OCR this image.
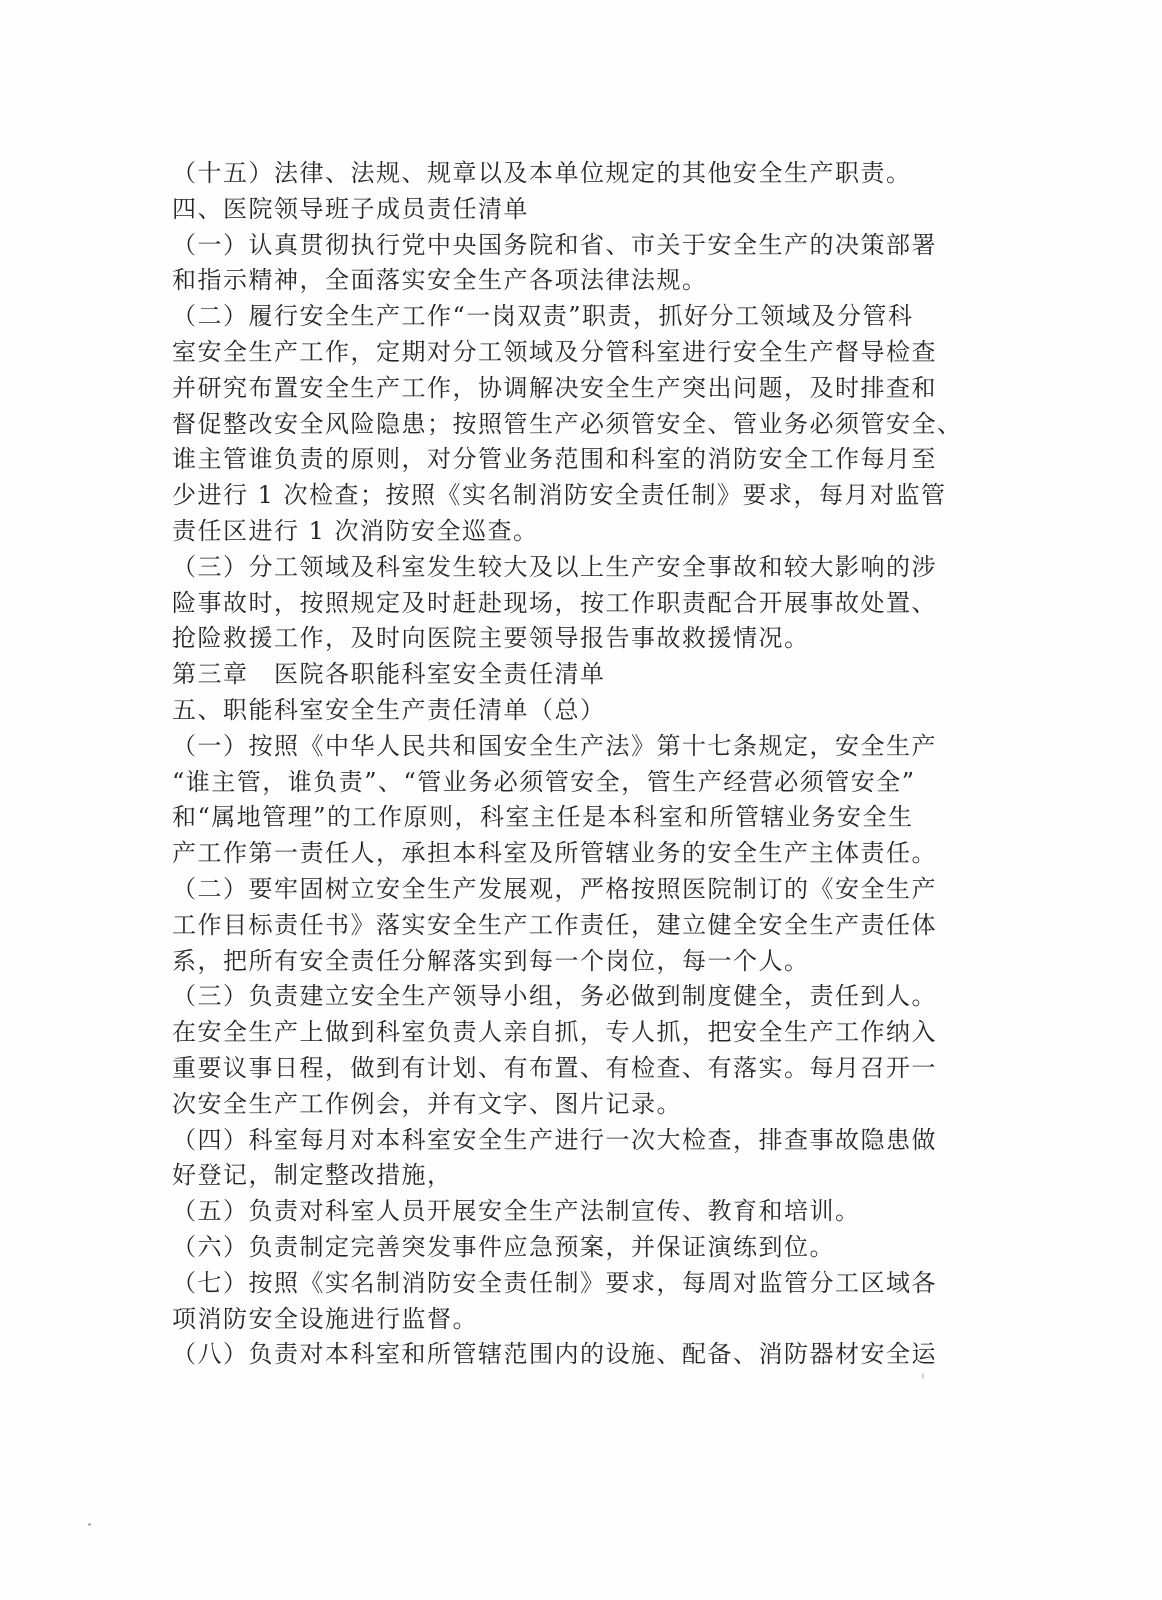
（十五）法律、法规、规章以及本单位规定的其他安全生产职责。

四、医院领导班子成员责任清单

（一）认真贯彻执行党中央国务院和省、市关于安全生产的决策部署

和指示精神，全面落实安全生产各项法律法规。

（二）履行安全生产工作“一岗双责”职责，抓好分工领域及分管科

室安全生产工作，定期对分工领域及分管科室进行安全生产督导检查

并研究布置安全生产工作，协调解决安全生产突出问题，及时排查和

督促整改安全风险隐患；按照管生产必须管安全、管业务必须管安全、

谁主管谁负责的原则，对分管业务范围和科室的消防安全工作每月至

少进行 1 次检查；按照《实名制消防安全责任制》要求，每月对监管

责任区进行 1 次消防安全巡查。

（三）分工领域及科室发生较大及以上生产安全事故和较大影响的涉

险事故时，按照规定及时赶赴现场，按工作职责配合开展事故处置、

抢险救援工作，及时向医院主要领导报告事故救援情况。

第三章　医院各职能科室安全责任清单

五、职能科室安全生产责任清单（总）

（一）按照《中华人民共和国安全生产法》第十七条规定，安全生产

“谁主管，谁负责”、“管业务必须管安全，管生产经营必须管安全”

和“属地管理”的工作原则，科室主任是本科室和所管辖业务安全生

产工作第一责任人，承担本科室及所管辖业务的安全生产主体责任。

（二）要牢固树立安全生产发展观，严格按照医院制订的《安全生产

工作目标责任书》落实安全生产工作责任，建立健全安全生产责任体

系，把所有安全责任分解落实到每一个岗位，每一个人。

（三）负责建立安全生产领导小组，务必做到制度健全，责任到人。

在安全生产上做到科室负责人亲自抓，专人抓，把安全生产工作纳入

重要议事日程，做到有计划、有布置、有检查、有落实。每月召开一

次安全生产工作例会，并有文字、图片记录。

（四）科室每月对本科室安全生产进行一次大检查，排查事故隐患做

好登记，制定整改措施，

（五）负责对科室人员开展安全生产法制宣传、教育和培训。

（六）负责制定完善突发事件应急预案，并保证演练到位。

（七）按照《实名制消防安全责任制》要求，每周对监管分工区域各

项消防安全设施进行监督。

（八）负责对本科室和所管辖范围内的设施、配备、消防器材安全运
